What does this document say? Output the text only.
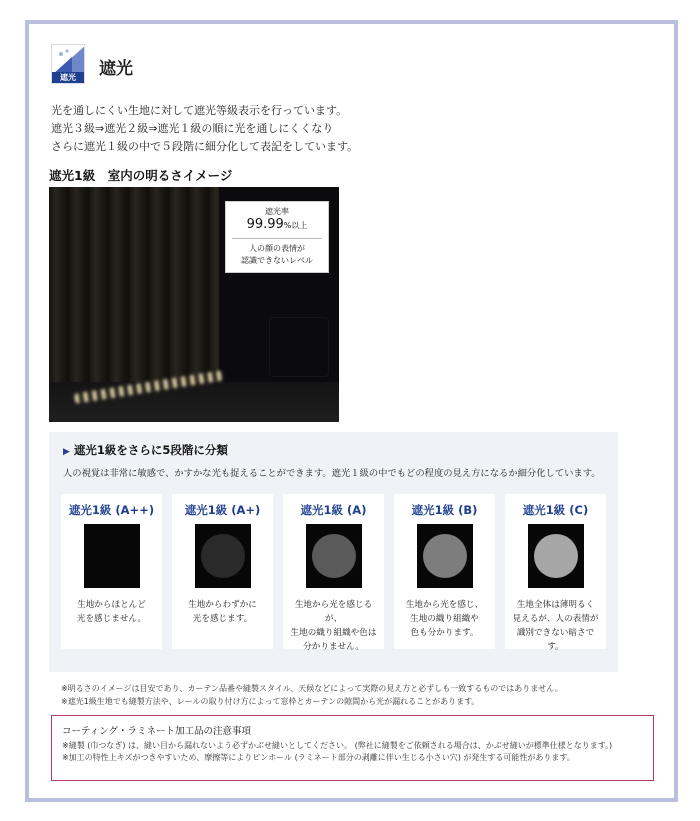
遮光	遮光
光を通しにくい生地に対して遮光等級表示を行っています。
遮光３級⇒遮光２級⇒遮光１級の順に光を通しにくくなり
さらに遮光１級の中で５段階に細分化して表記をしています。
遮光1級　室内の明るさイメージ
遮光率
99.99%以上
人の顔の表情が
認識できないレベル
▶ 遮光1級をさらに5段階に分類
人の視覚は非常に敏感で、かすかな光も捉えることができます。遮光１級の中でもどの程度の見え方になるか細分化しています。
遮光1級 (A++)
生地からほとんど
光を感じません。
遮光1級 (A+)
生地からわずかに
光を感じます。
遮光1級 (A)
生地から光を感じるが、
生地の織り組織や色は
分かりません。
遮光1級 (B)
生地から光を感じ、
生地の織り組織や
色も分かります。
遮光1級 (C)
生地全体は薄明るく
見えるが、人の表情が
識別できない暗さです。
※明るさのイメージは目安であり、カーテン品番や縫製スタイル、天候などによって実際の見え方と必ずしも一致するものではありません。
※遮光1級生地でも縫製方法や、レールの取り付け方によって窓枠とカーテンの隙間から光が漏れることがあります。
コーティング・ラミネート加工品の注意事項
※縫製 (巾つなぎ) は、縫い目から漏れないよう必ずかぶせ縫いとしてください。 (弊社に縫製をご依頼される場合は、かぶせ縫いが標準仕様となります。)
※加工の特性上キズがつきやすいため、摩擦等によりピンホール (ラミネート部分の剥離に伴い生じる小さい穴) が発生する可能性があります。
